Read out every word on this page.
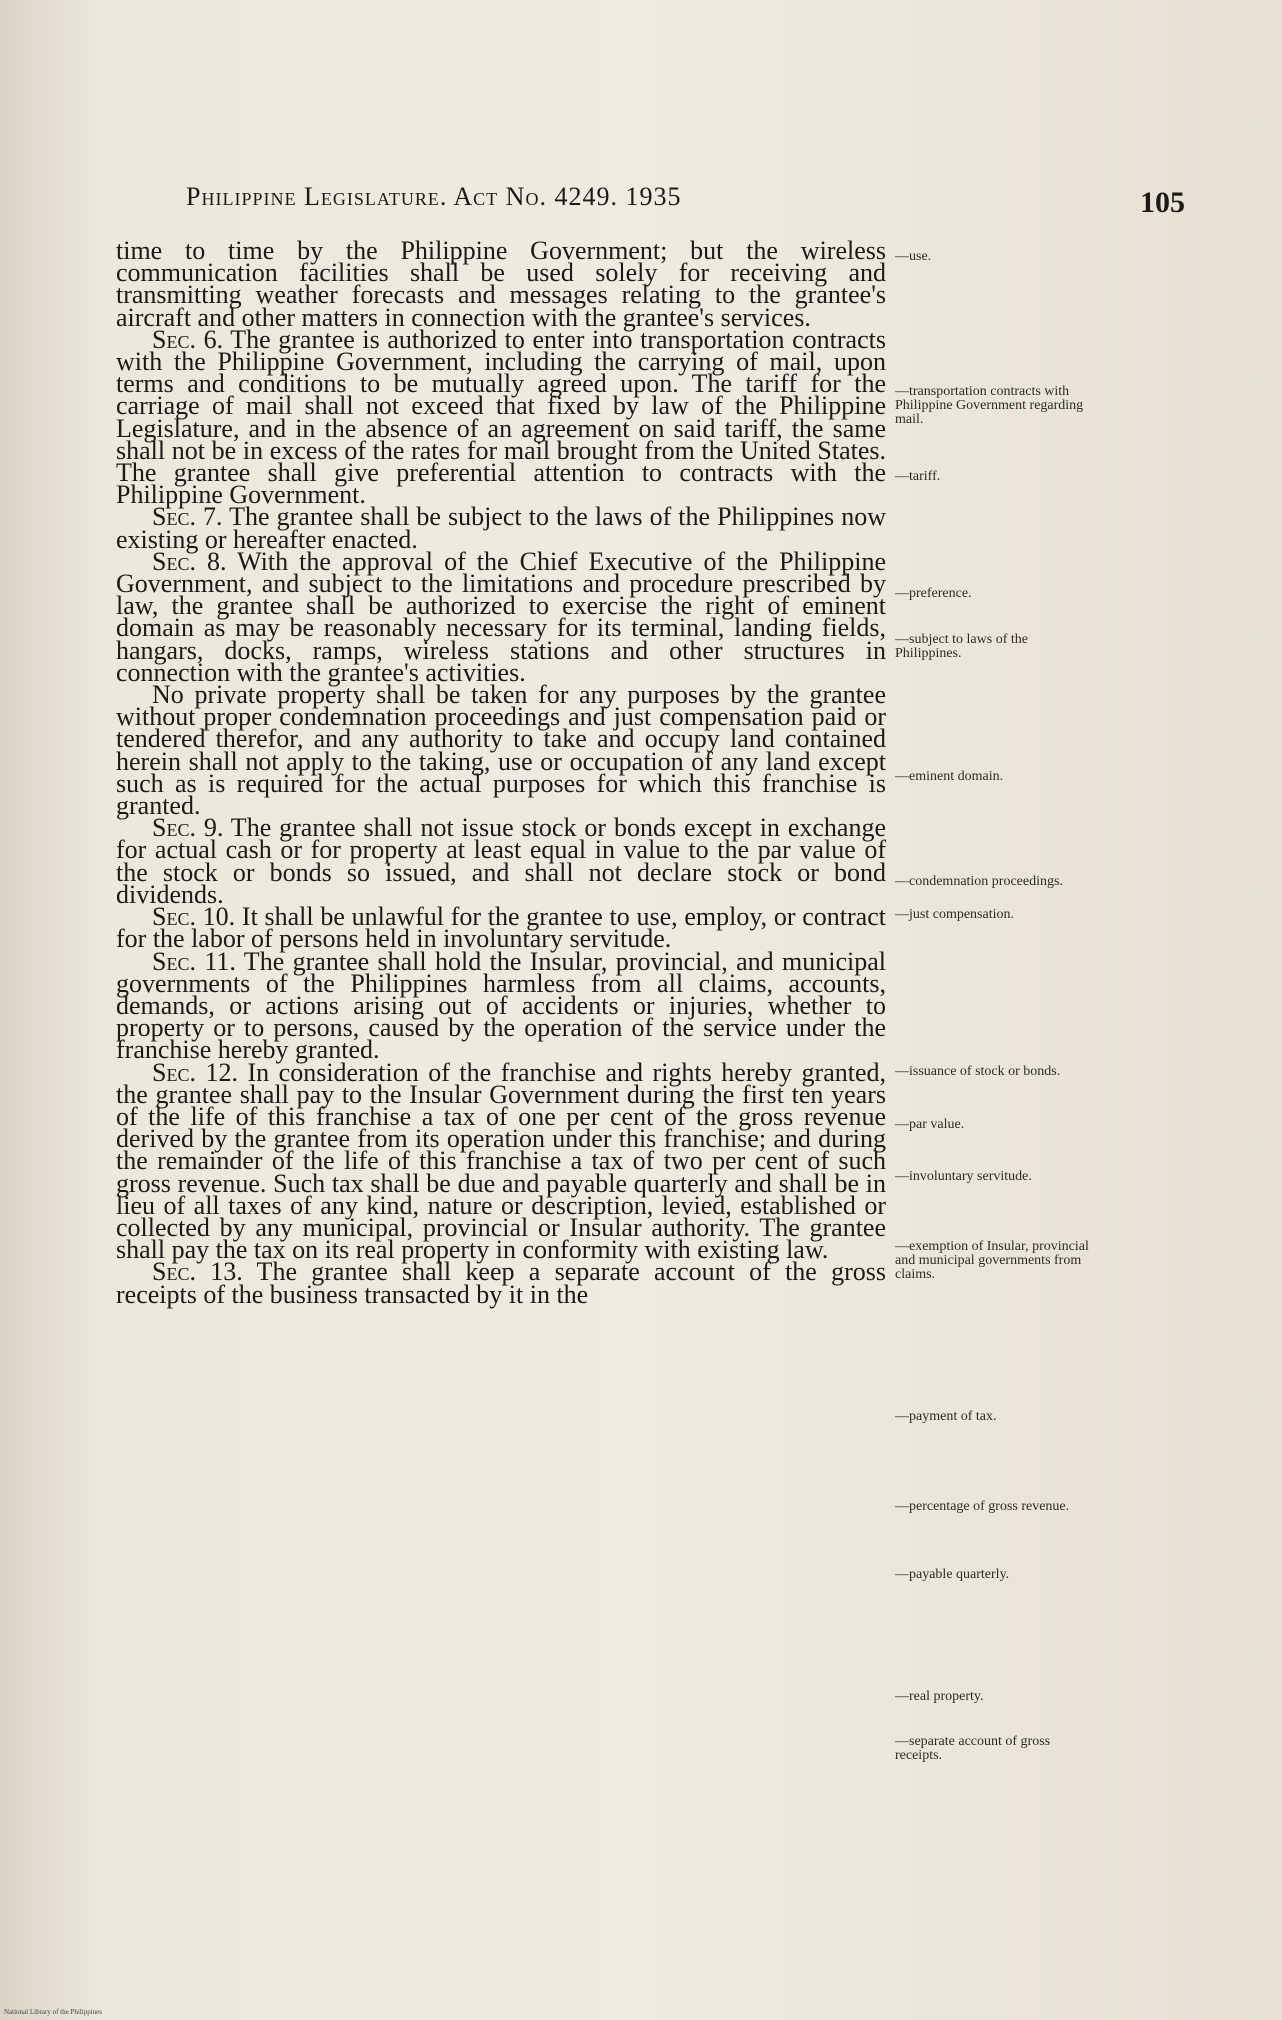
Philippine Legislature. Act No. 4249. 1935	105

time to time by the Philippine Government; but the wireless communication facilities shall be used solely for receiving and transmitting weather forecasts and messages relating to the grantee's aircraft and other matters in connection with the grantee's services.

Sec. 6. The grantee is authorized to enter into transportation contracts with the Philippine Government, including the carrying of mail, upon terms and conditions to be mutually agreed upon. The tariff for the carriage of mail shall not exceed that fixed by law of the Philippine Legislature, and in the absence of an agreement on said tariff, the same shall not be in excess of the rates for mail brought from the United States. The grantee shall give preferential attention to contracts with the Philippine Government.

Sec. 7. The grantee shall be subject to the laws of the Philippines now existing or hereafter enacted.

Sec. 8. With the approval of the Chief Executive of the Philippine Government, and subject to the limitations and procedure prescribed by law, the grantee shall be authorized to exercise the right of eminent domain as may be reasonably necessary for its terminal, landing fields, hangars, docks, ramps, wireless stations and other structures in connection with the grantee's activities.

No private property shall be taken for any purposes by the grantee without proper condemnation proceedings and just compensation paid or tendered therefor, and any authority to take and occupy land contained herein shall not apply to the taking, use or occupation of any land except such as is required for the actual purposes for which this franchise is granted.

Sec. 9. The grantee shall not issue stock or bonds except in exchange for actual cash or for property at least equal in value to the par value of the stock or bonds so issued, and shall not declare stock or bond dividends.

Sec. 10. It shall be unlawful for the grantee to use, employ, or contract for the labor of persons held in involuntary servitude.

Sec. 11. The grantee shall hold the Insular, provincial, and municipal governments of the Philippines harmless from all claims, accounts, demands, or actions arising out of accidents or injuries, whether to property or to persons, caused by the operation of the service under the franchise hereby granted.

Sec. 12. In consideration of the franchise and rights hereby granted, the grantee shall pay to the Insular Government during the first ten years of the life of this franchise a tax of one per cent of the gross revenue derived by the grantee from its operation under this franchise; and during the remainder of the life of this franchise a tax of two per cent of such gross revenue. Such tax shall be due and payable quarterly and shall be in lieu of all taxes of any kind, nature or description, levied, established or collected by any municipal, provincial or Insular authority. The grantee shall pay the tax on its real property in conformity with existing law.

Sec. 13. The grantee shall keep a separate account of the gross receipts of the business transacted by it in the

—use.
—transportation contracts with Philippine Government regarding mail.
—tariff.
—preference.
—subject to laws of the Philippines.
—eminent domain.
—condemnation proceedings.
—just compensation.
—issuance of stock or bonds.
—par value.
—involuntary servitude.
—exemption of Insular, provincial and municipal governments from claims.
—payment of tax.
—percentage of gross revenue.
—payable quarterly.
—real property.
—separate account of gross receipts.
National Library of the Philippines
